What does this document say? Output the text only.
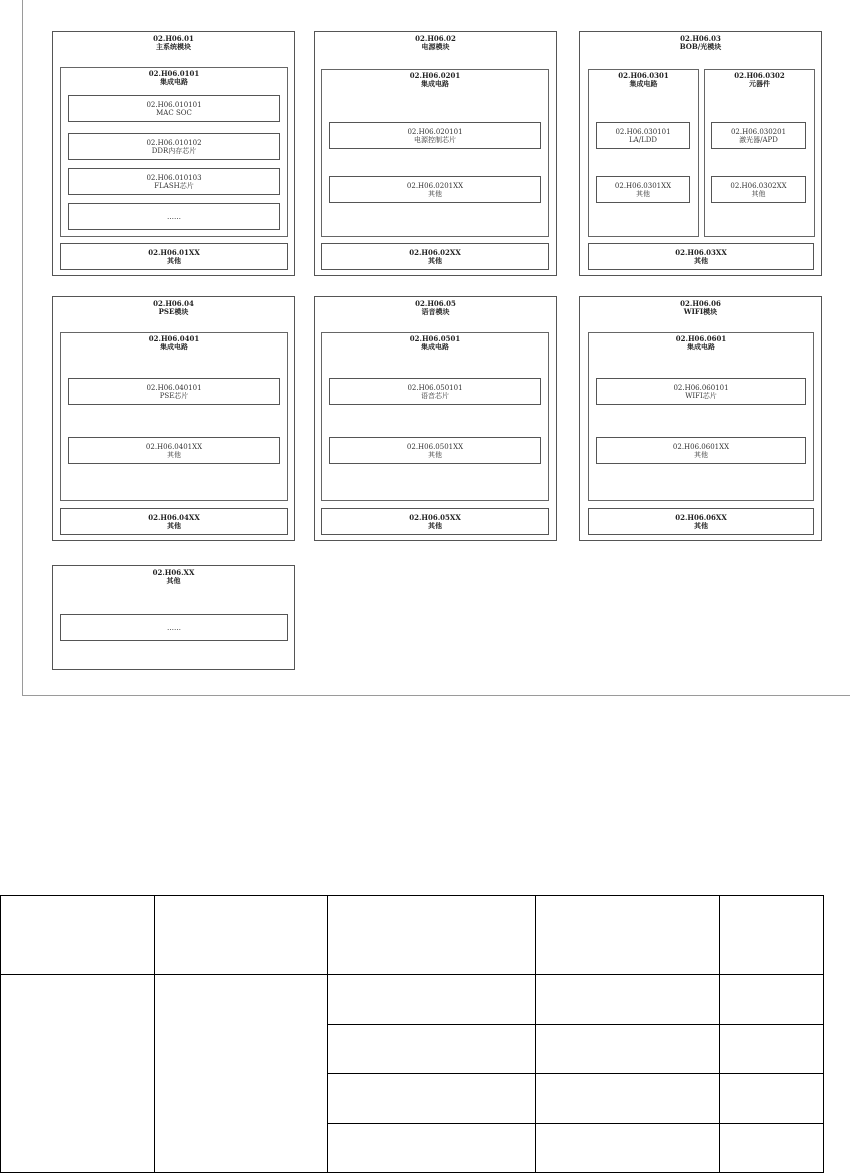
02.H06.01
主系统模块
02.H06.0101
集成电路
02.H06.010101
MAC SOC
02.H06.010102
DDR内存芯片
02.H06.010103
FLASH芯片
……
02.H06.01XX
其他
02.H06.02
电源模块
02.H06.0201
集成电路
02.H06.020101
电源控制芯片
02.H06.0201XX
其他
02.H06.02XX
其他
02.H06.03
BOB/光模块
02.H06.0301
集成电路
02.H06.0302
元器件
02.H06.030101
LA/LDD
02.H06.0301XX
其他
02.H06.030201
激光器/APD
02.H06.0302XX
其他
02.H06.03XX
其他
02.H06.04
PSE模块
02.H06.0401
集成电路
02.H06.040101
PSE芯片
02.H06.0401XX
其他
02.H06.04XX
其他
02.H06.05
语音模块
02.H06.0501
集成电路
02.H06.050101
语音芯片
02.H06.0501XX
其他
02.H06.05XX
其他
02.H06.06
WIFI模块
02.H06.0601
集成电路
02.H06.060101
WIFI芯片
02.H06.0601XX
其他
02.H06.06XX
其他
02.H06.XX
其他
……
